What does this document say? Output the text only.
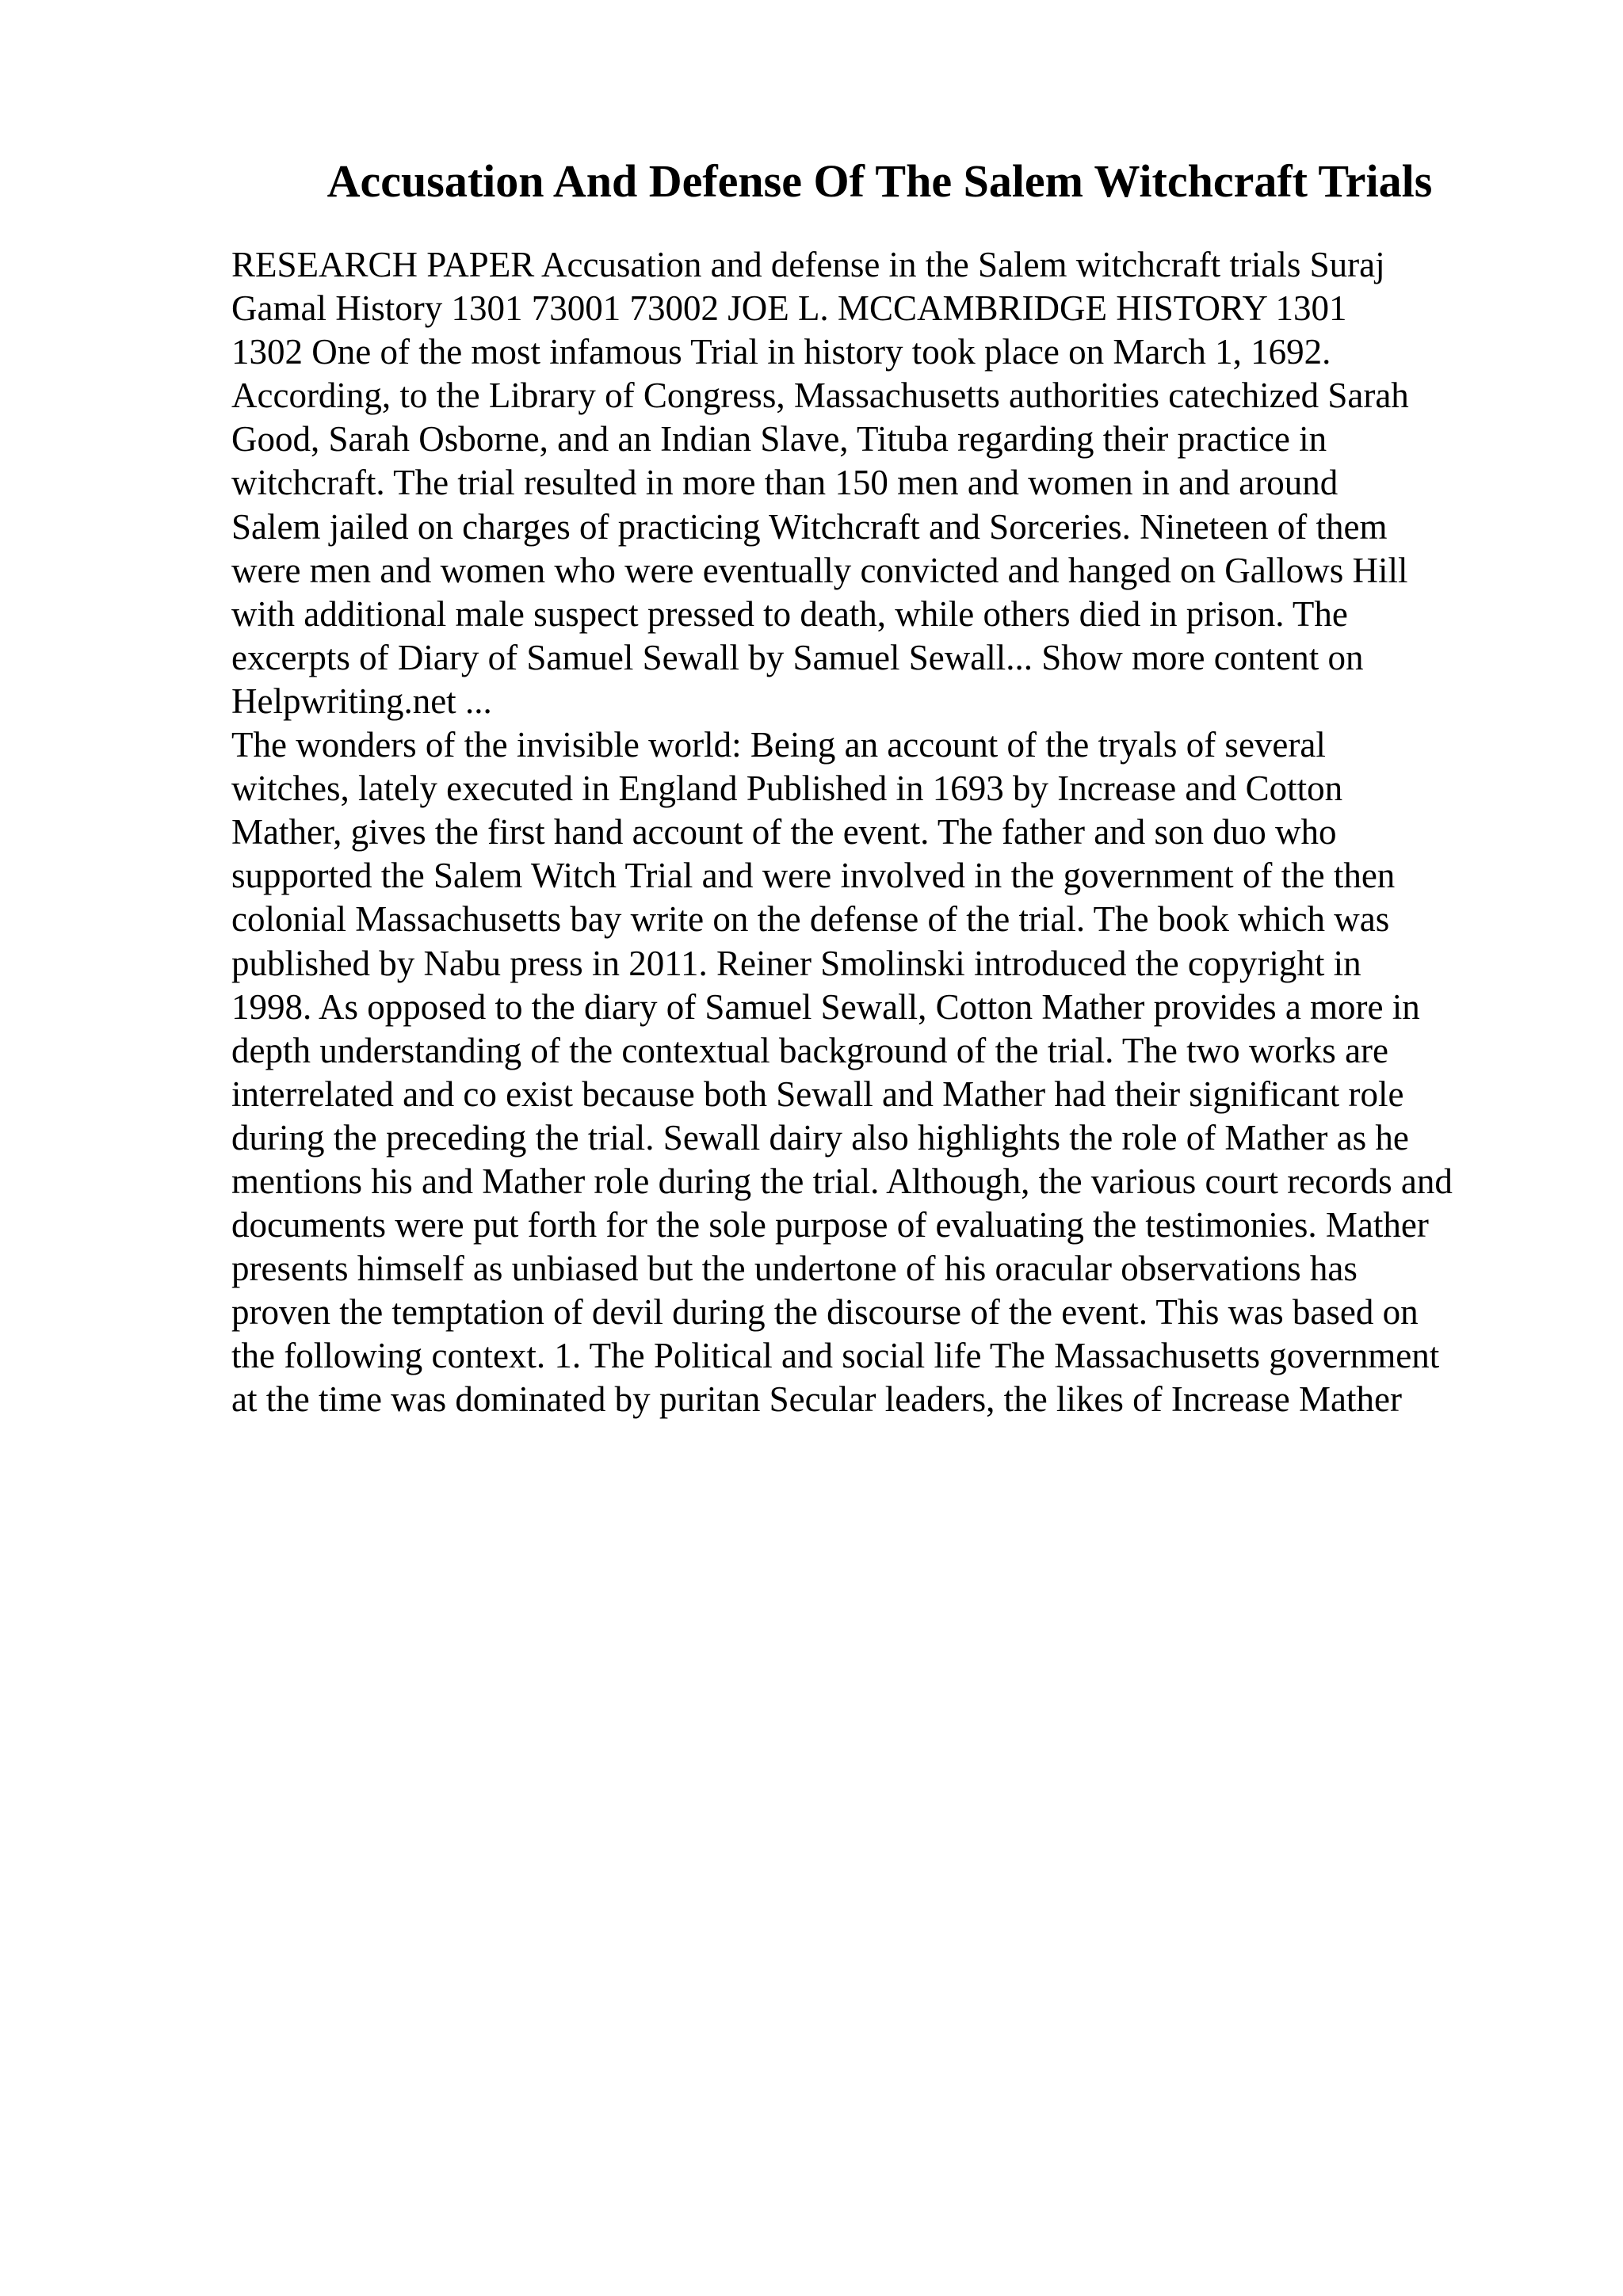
Accusation And Defense Of The Salem Witchcraft Trials
RESEARCH PAPER Accusation and defense in the Salem witchcraft trials Suraj
Gamal History 1301 73001 73002 JOE L. MCCAMBRIDGE HISTORY 1301
1302 One of the most infamous Trial in history took place on March 1, 1692.
According, to the Library of Congress, Massachusetts authorities catechized Sarah
Good, Sarah Osborne, and an Indian Slave, Tituba regarding their practice in
witchcraft. The trial resulted in more than 150 men and women in and around
Salem jailed on charges of practicing Witchcraft and Sorceries. Nineteen of them
were men and women who were eventually convicted and hanged on Gallows Hill
with additional male suspect pressed to death, while others died in prison. The
excerpts of Diary of Samuel Sewall by Samuel Sewall... Show more content on
Helpwriting.net ...
The wonders of the invisible world: Being an account of the tryals of several
witches, lately executed in England Published in 1693 by Increase and Cotton
Mather, gives the first hand account of the event. The father and son duo who
supported the Salem Witch Trial and were involved in the government of the then
colonial Massachusetts bay write on the defense of the trial. The book which was
published by Nabu press in 2011. Reiner Smolinski introduced the copyright in
1998. As opposed to the diary of Samuel Sewall, Cotton Mather provides a more in
depth understanding of the contextual background of the trial. The two works are
interrelated and co exist because both Sewall and Mather had their significant role
during the preceding the trial. Sewall dairy also highlights the role of Mather as he
mentions his and Mather role during the trial. Although, the various court records and
documents were put forth for the sole purpose of evaluating the testimonies. Mather
presents himself as unbiased but the undertone of his oracular observations has
proven the temptation of devil during the discourse of the event. This was based on
the following context. 1. The Political and social life The Massachusetts government
at the time was dominated by puritan Secular leaders, the likes of Increase Mather
